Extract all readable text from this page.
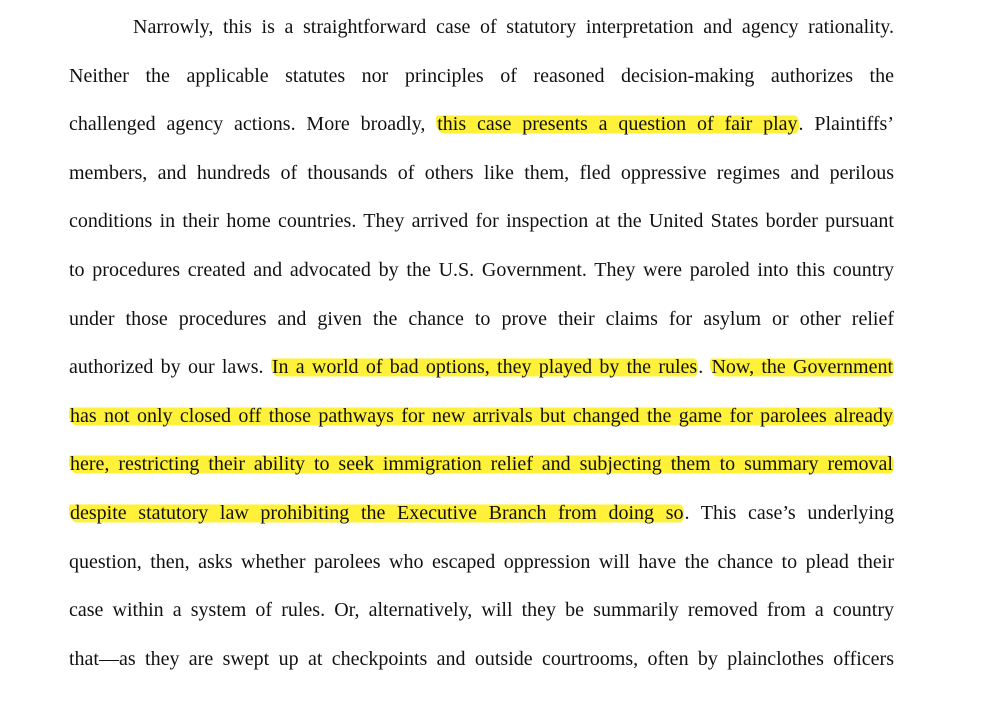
Narrowly, this is a straightforward case of statutory interpretation and agency rationality.
Neither the applicable statutes nor principles of reasoned decision-making authorizes the
challenged agency actions. More broadly, this case presents a question of fair play. Plaintiffs’
members, and hundreds of thousands of others like them, fled oppressive regimes and perilous
conditions in their home countries. They arrived for inspection at the United States border pursuant
to procedures created and advocated by the U.S. Government. They were paroled into this country
under those procedures and given the chance to prove their claims for asylum or other relief
authorized by our laws. In a world of bad options, they played by the rules. Now, the Government
has not only closed off those pathways for new arrivals but changed the game for parolees already
here, restricting their ability to seek immigration relief and subjecting them to summary removal
despite statutory law prohibiting the Executive Branch from doing so. This case’s underlying
question, then, asks whether parolees who escaped oppression will have the chance to plead their
case within a system of rules. Or, alternatively, will they be summarily removed from a country
that—as they are swept up at checkpoints and outside courtrooms, often by plainclothes officers
